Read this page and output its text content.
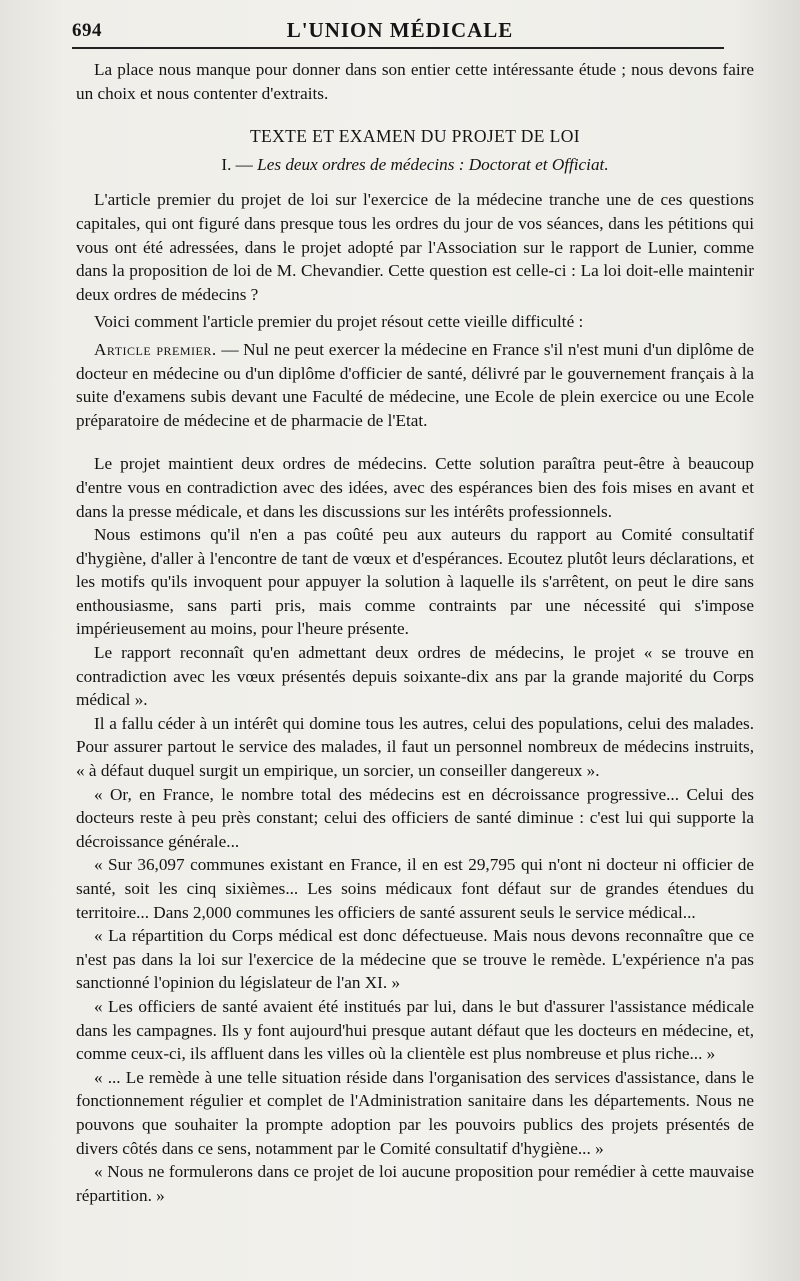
694	L'UNION MÉDICALE

La place nous manque pour donner dans son entier cette intéressante étude ; nous devons faire un choix et nous contenter d'extraits.

TEXTE ET EXAMEN DU PROJET DE LOI
I. — Les deux ordres de médecins : Doctorat et Officiat.

L'article premier du projet de loi sur l'exercice de la médecine tranche une de ces questions capitales, qui ont figuré dans presque tous les ordres du jour de vos séances, dans les pétitions qui vous ont été adressées, dans le projet adopté par l'Association sur le rapport de Lunier, comme dans la proposition de loi de M. Chevandier. Cette question est celle-ci : La loi doit-elle maintenir deux ordres de médecins ?

Voici comment l'article premier du projet résout cette vieille difficulté :

Article premier. — Nul ne peut exercer la médecine en France s'il n'est muni d'un diplôme de docteur en médecine ou d'un diplôme d'officier de santé, délivré par le gouvernement français à la suite d'examens subis devant une Faculté de médecine, une Ecole de plein exercice ou une Ecole préparatoire de médecine et de pharmacie de l'Etat.

Le projet maintient deux ordres de médecins. Cette solution paraîtra peut-être à beaucoup d'entre vous en contradiction avec des idées, avec des espérances bien des fois mises en avant et dans la presse médicale, et dans les discussions sur les intérêts professionnels.

Nous estimons qu'il n'en a pas coûté peu aux auteurs du rapport au Comité consultatif d'hygiène, d'aller à l'encontre de tant de vœux et d'espérances. Ecoutez plutôt leurs déclarations, et les motifs qu'ils invoquent pour appuyer la solution à laquelle ils s'arrêtent, on peut le dire sans enthousiasme, sans parti pris, mais comme contraints par une nécessité qui s'impose impérieusement au moins, pour l'heure présente.

Le rapport reconnaît qu'en admettant deux ordres de médecins, le projet « se trouve en contradiction avec les vœux présentés depuis soixante-dix ans par la grande majorité du Corps médical ».

Il a fallu céder à un intérêt qui domine tous les autres, celui des populations, celui des malades. Pour assurer partout le service des malades, il faut un personnel nombreux de médecins instruits, « à défaut duquel surgit un empirique, un sorcier, un conseiller dangereux ».

« Or, en France, le nombre total des médecins est en décroissance progressive... Celui des docteurs reste à peu près constant; celui des officiers de santé diminue : c'est lui qui supporte la décroissance générale...

« Sur 36,097 communes existant en France, il en est 29,795 qui n'ont ni docteur ni officier de santé, soit les cinq sixièmes... Les soins médicaux font défaut sur de grandes étendues du territoire... Dans 2,000 communes les officiers de santé assurent seuls le service médical...

« La répartition du Corps médical est donc défectueuse. Mais nous devons reconnaître que ce n'est pas dans la loi sur l'exercice de la médecine que se trouve le remède. L'expérience n'a pas sanctionné l'opinion du législateur de l'an XI. »

« Les officiers de santé avaient été institués par lui, dans le but d'assurer l'assistance médicale dans les campagnes. Ils y font aujourd'hui presque autant défaut que les docteurs en médecine, et, comme ceux-ci, ils affluent dans les villes où la clientèle est plus nombreuse et plus riche... »

« ... Le remède à une telle situation réside dans l'organisation des services d'assistance, dans le fonctionnement régulier et complet de l'Administration sanitaire dans les départements. Nous ne pouvons que souhaiter la prompte adoption par les pouvoirs publics des projets présentés de divers côtés dans ce sens, notamment par le Comité consultatif d'hygiène... »

« Nous ne formulerons dans ce projet de loi aucune proposition pour remédier à cette mauvaise répartition. »
